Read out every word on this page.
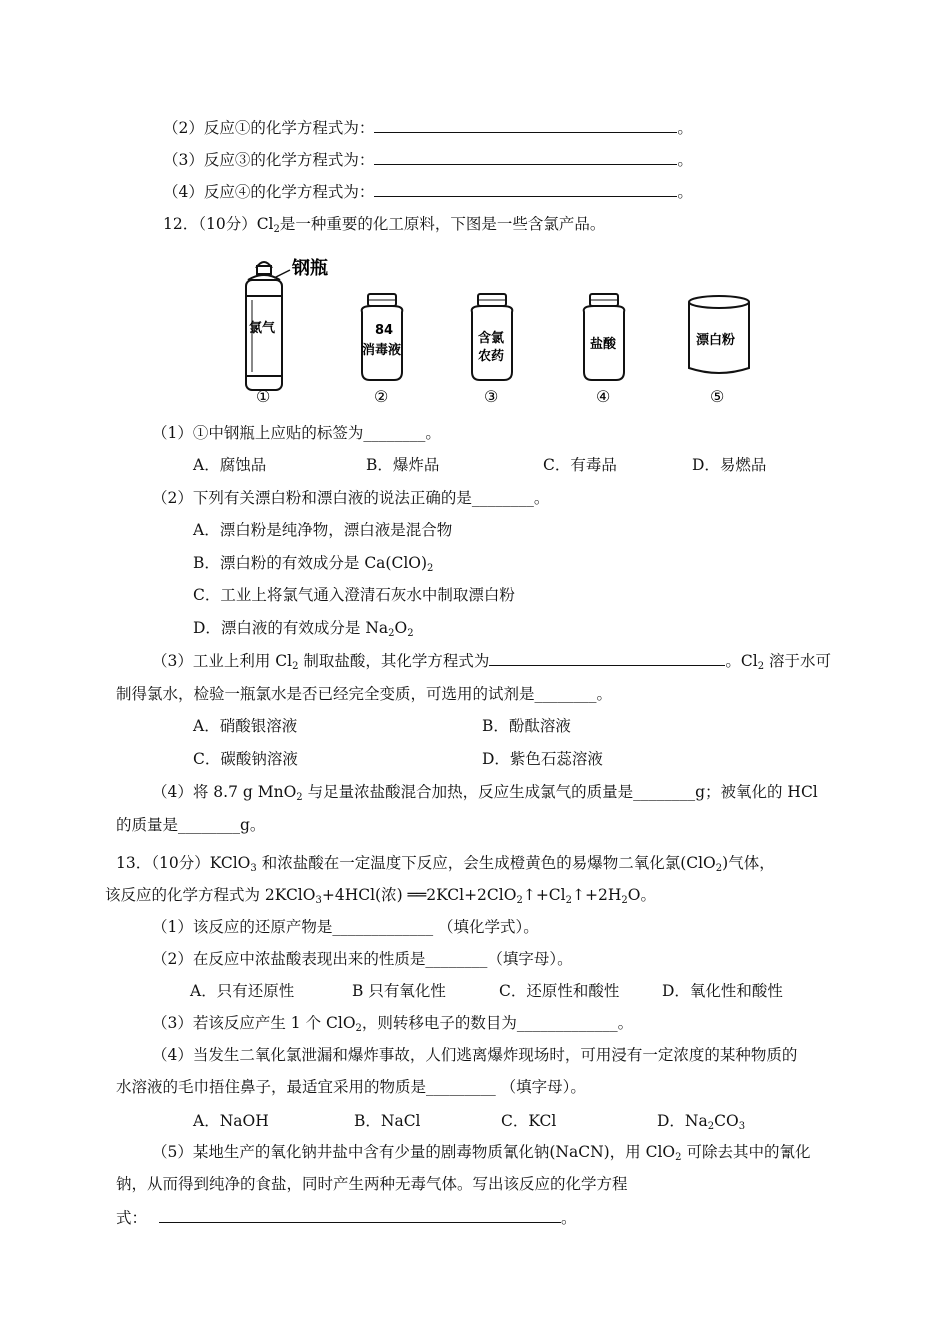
（2）反应①的化学方程式为：	。
（3）反应③的化学方程式为：	。
（4）反应④的化学方程式为：	。
12．（10分）$Cl_2$是一种重要的化工原料，下图是一些含氯产品。
钢瓶
氯气	84
消毒液
含氯
农药
盐酸	漂白粉
①	②	③	④	⑤
（1）①中钢瓶上应贴的标签为________。
A．腐蚀品	B．爆炸品	C．有毒品	D．易燃品
（2）下列有关漂白粉和漂白液的说法正确的是________。
A．漂白粉是纯净物，漂白液是混合物
B．漂白粉的有效成分是 $Ca(ClO)_2$
C．工业上将氯气通入澄清石灰水中制取漂白粉
D．漂白液的有效成分是 $Na_2O_2$
（3）工业上利用 $Cl_2$ 制取盐酸，其化学方程式为	。$Cl_2$ 溶于水可
制得氯水，检验一瓶氯水是否已经完全变质，可选用的试剂是________。
A．硝酸银溶液	B．酚酞溶液
C．碳酸钠溶液	D．紫色石蕊溶液
（4）将 8.7 g MnO$_2$ 与足量浓盐酸混合加热，反应生成氯气的质量是________g；被氧化的 HCl
的质量是________g。
13．（10分）KClO$_3$ 和浓盐酸在一定温度下反应，会生成橙黄色的易爆物二氧化氯(ClO$_2$)气体，
该反应的化学方程式为 2KClO$_3$+4HCl(浓) $══2KCl+2ClO_2↑+Cl_2↑+2H_2O$。
（1）该反应的还原产物是_____________ （填化学式）。
（2）在反应中浓盐酸表现出来的性质是________（填字母）。
A．只有还原性	B 只有氧化性	C．还原性和酸性	D．氧化性和酸性
（3）若该反应产生 1 个 ClO$_2$，则转移电子的数目为_____________。
（4）当发生二氧化氯泄漏和爆炸事故，人们逃离爆炸现场时，可用浸有一定浓度的某种物质的
水溶液的毛巾捂住鼻子，最适宜采用的物质是_________ （填字母）。
A．NaOH	B．NaCl	C．KCl	D．$Na_2CO_3$
（5）某地生产的氧化钠井盐中含有少量的剧毒物质氰化钠(NaCN)，用 ClO$_2$ 可除去其中的氰化
钠，从而得到纯净的食盐，同时产生两种无毒气体。写出该反应的化学方程
式：	。
